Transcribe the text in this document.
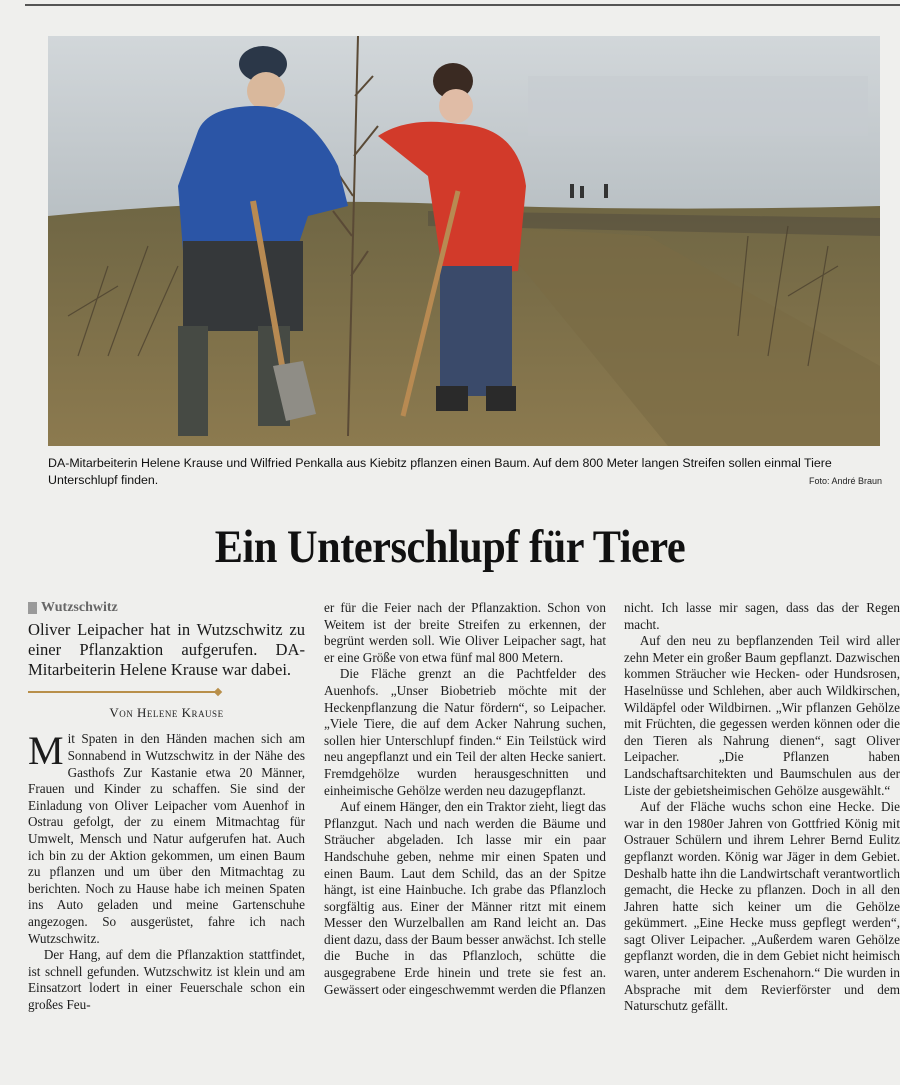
DA-Mitarbeiterin Helene Krause und Wilfried Penkalla aus Kiebitz pflanzen einen Baum. Auf dem 800 Meter langen Streifen sollen einmal Tiere Unterschlupf finden.	Foto: André Braun
Ein Unterschlupf für Tiere
Wutzschwitz
Oliver Leipacher hat in Wutzschwitz zu einer Pflanzaktion aufgerufen. DA-Mitarbeiterin Helene Krause war dabei.
Von Helene Krause

Mit Spaten in den Händen machen sich am Sonnabend in Wutzschwitz in der Nähe des Gasthofs Zur Kastanie etwa 20 Männer, Frauen und Kinder zu schaffen. Sie sind der Einladung von Oliver Leipacher vom Auenhof in Ostrau gefolgt, der zu einem Mitmachtag für Umwelt, Mensch und Natur aufgerufen hat. Auch ich bin zu der Aktion gekommen, um einen Baum zu pflanzen und um über den Mitmachtag zu berichten. Noch zu Hause habe ich meinen Spaten ins Auto geladen und meine Gartenschuhe angezogen. So ausgerüstet, fahre ich nach Wutzschwitz.

Der Hang, auf dem die Pflanzaktion stattfindet, ist schnell gefunden. Wutzschwitz ist klein und am Einsatzort lodert in einer Feuerschale schon ein großes Feu-

er für die Feier nach der Pflanzaktion. Schon von Weitem ist der breite Streifen zu erkennen, der begrünt werden soll. Wie Oliver Leipacher sagt, hat er eine Größe von etwa fünf mal 800 Metern.

Die Fläche grenzt an die Pachtfelder des Auenhofs. „Unser Biobetrieb möchte mit der Heckenpflanzung die Natur fördern“, so Leipacher. „Viele Tiere, die auf dem Acker Nahrung suchen, sollen hier Unterschlupf finden.“ Ein Teilstück wird neu angepflanzt und ein Teil der alten Hecke saniert. Fremdgehölze wurden herausgeschnitten und einheimische Gehölze werden neu dazugepflanzt.

Auf einem Hänger, den ein Traktor zieht, liegt das Pflanzgut. Nach und nach werden die Bäume und Sträucher abgeladen. Ich lasse mir ein paar Handschuhe geben, nehme mir einen Spaten und einen Baum. Laut dem Schild, das an der Spitze hängt, ist eine Hainbuche. Ich grabe das Pflanzloch sorgfältig aus. Einer der Männer ritzt mit einem Messer den Wurzelballen am Rand leicht an. Das dient dazu, dass der Baum besser anwächst. Ich stelle die Buche in das Pflanzloch, schütte die ausgegrabene Erde hinein und trete sie fest an. Gewässert oder eingeschwemmt werden die Pflanzen

nicht. Ich lasse mir sagen, dass das der Regen macht.

Auf den neu zu bepflanzenden Teil wird aller zehn Meter ein großer Baum gepflanzt. Dazwischen kommen Sträucher wie Hecken- oder Hundsrosen, Haselnüsse und Schlehen, aber auch Wildkirschen, Wildäpfel oder Wildbirnen. „Wir pflanzen Gehölze mit Früchten, die gegessen werden können oder die den Tieren als Nahrung dienen“, sagt Oliver Leipacher. „Die Pflanzen haben Landschaftsarchitekten und Baumschulen aus der Liste der gebietsheimischen Gehölze ausgewählt.“

Auf der Fläche wuchs schon eine Hecke. Die war in den 1980er Jahren von Gottfried König mit Ostrauer Schülern und ihrem Lehrer Bernd Eulitz gepflanzt worden. König war Jäger in dem Gebiet. Deshalb hatte ihn die Landwirtschaft verantwortlich gemacht, die Hecke zu pflanzen. Doch in all den Jahren hatte sich keiner um die Gehölze gekümmert. „Eine Hecke muss gepflegt werden“, sagt Oliver Leipacher. „Außerdem waren Gehölze gepflanzt worden, die in dem Gebiet nicht heimisch waren, unter anderem Eschenahorn.“ Die wurden in Absprache mit dem Revierförster und dem Naturschutz gefällt.
